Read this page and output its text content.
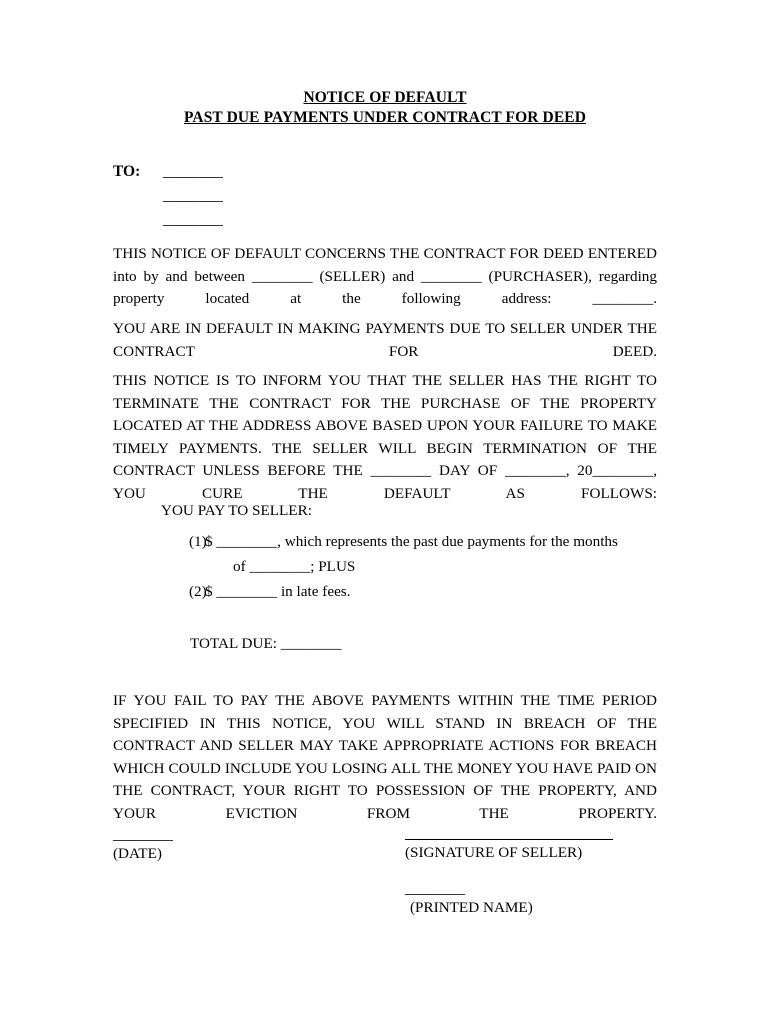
NOTICE OF DEFAULT
PAST DUE PAYMENTS UNDER CONTRACT FOR DEED
TO:	________
________
________
THIS NOTICE OF DEFAULT CONCERNS THE CONTRACT FOR DEED ENTERED into by and between ________ (SELLER) and ________ (PURCHASER), regarding property located at the following address: ________.
YOU ARE IN DEFAULT IN MAKING PAYMENTS DUE TO SELLER UNDER THE CONTRACT FOR DEED.
THIS NOTICE IS TO INFORM YOU THAT THE SELLER HAS THE RIGHT TO TERMINATE THE CONTRACT FOR THE PURCHASE OF THE PROPERTY LOCATED AT THE ADDRESS ABOVE BASED UPON YOUR FAILURE TO MAKE TIMELY PAYMENTS. THE SELLER WILL BEGIN TERMINATION OF THE CONTRACT UNLESS BEFORE THE ________ DAY OF ________, 20________, YOU CURE THE DEFAULT AS FOLLOWS:
YOU PAY TO SELLER:
(1)
$ ________, which represents the past due payments for the months
of ________; PLUS
(2)
$ ________ in late fees.
TOTAL DUE: ________
IF YOU FAIL TO PAY THE ABOVE PAYMENTS WITHIN THE TIME PERIOD SPECIFIED IN THIS NOTICE, YOU WILL STAND IN BREACH OF THE CONTRACT AND SELLER MAY TAKE APPROPRIATE ACTIONS FOR BREACH WHICH COULD INCLUDE YOU LOSING ALL THE MONEY YOU HAVE PAID ON THE CONTRACT, YOUR RIGHT TO POSSESSION OF THE PROPERTY, AND YOUR EVICTION FROM THE PROPERTY.
________
(DATE)	(SIGNATURE OF SELLER)
________
(PRINTED NAME)
